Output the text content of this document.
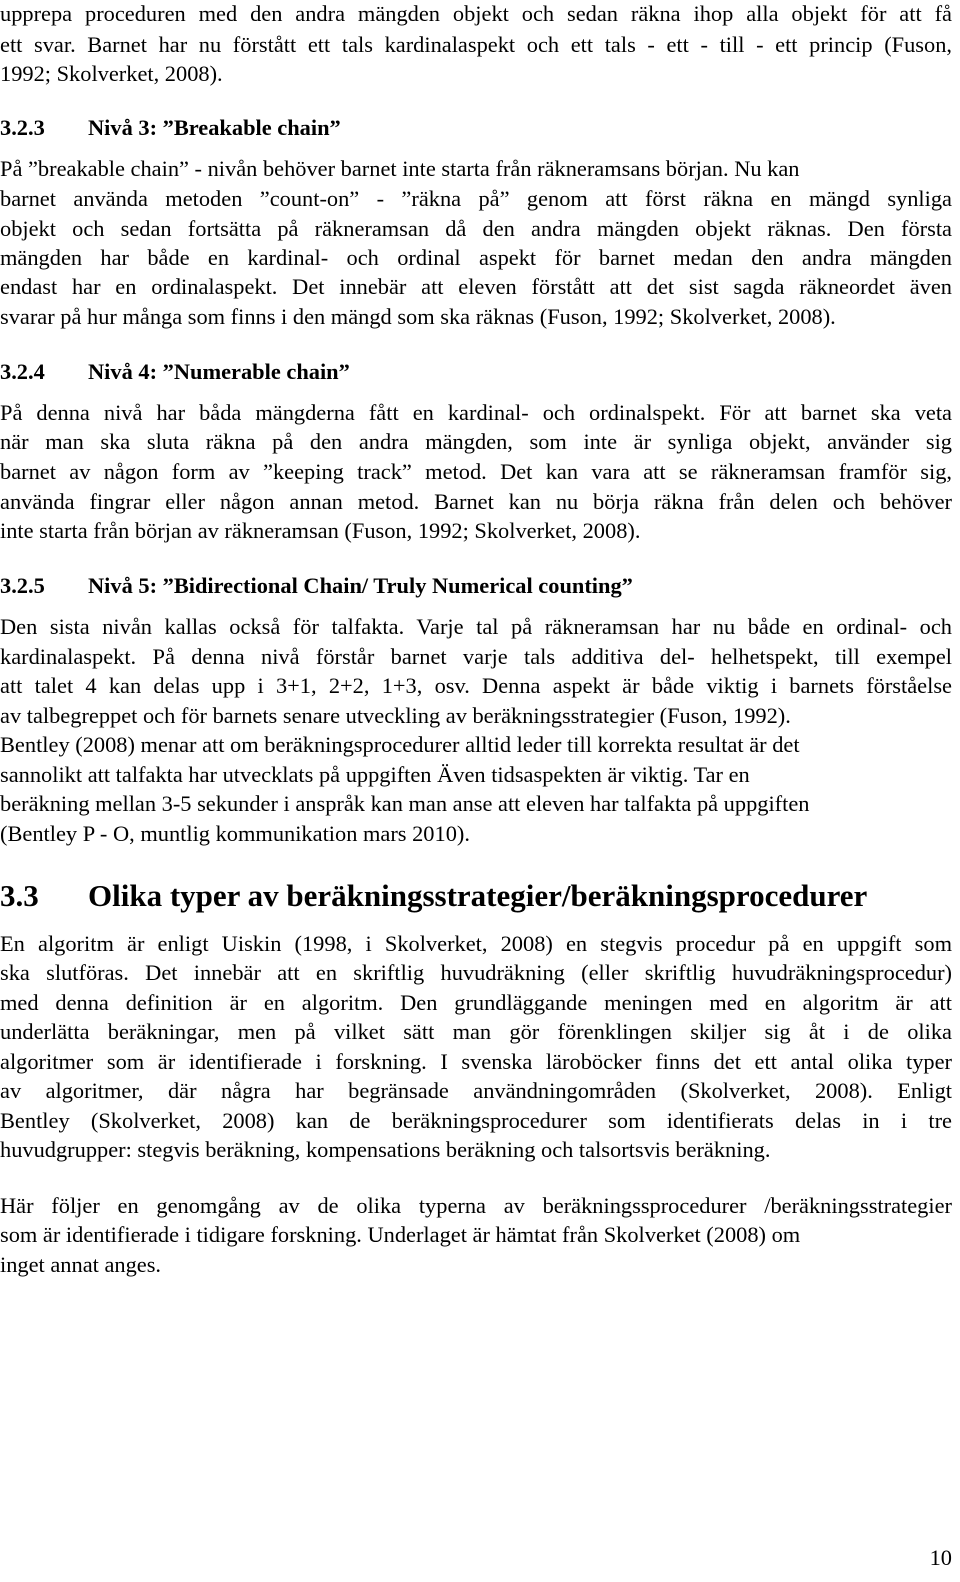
upprepa proceduren med den andra mängden objekt och sedan räkna ihop alla objekt för att få
ett svar. Barnet har nu förstått ett tals kardinalaspekt och ett tals - ett - till - ett princip (Fuson,
1992; Skolverket, 2008).
3.2.3 Nivå 3: ”Breakable chain”
På ”breakable chain” - nivån behöver barnet inte starta från räkneramsans början. Nu kan
barnet använda metoden ”count-on” - ”räkna på” genom att först räkna en mängd synliga
objekt och sedan fortsätta på räkneramsan då den andra mängden objekt räknas. Den första
mängden har både en kardinal- och ordinal aspekt för barnet medan den andra mängden
endast har en ordinalaspekt. Det innebär att eleven förstått att det sist sagda räkneordet även
svarar på hur många som finns i den mängd som ska räknas (Fuson, 1992; Skolverket, 2008).
3.2.4 Nivå 4: ”Numerable chain”
På denna nivå har båda mängderna fått en kardinal- och ordinalspekt. För att barnet ska veta
när man ska sluta räkna på den andra mängden, som inte är synliga objekt, använder sig
barnet av någon form av ”keeping track” metod. Det kan vara att se räkneramsan framför sig,
använda fingrar eller någon annan metod. Barnet kan nu börja räkna från delen och behöver
inte starta från början av räkneramsan (Fuson, 1992; Skolverket, 2008).
3.2.5 Nivå 5: ”Bidirectional Chain/ Truly Numerical counting”
Den sista nivån kallas också för talfakta. Varje tal på räkneramsan har nu både en ordinal- och
kardinalaspekt. På denna nivå förstår barnet varje tals additiva del- helhetspekt, till exempel
att talet 4 kan delas upp i 3+1, 2+2, 1+3, osv. Denna aspekt är både viktig i barnets förståelse
av talbegreppet och för barnets senare utveckling av beräkningsstrategier (Fuson, 1992).
Bentley (2008) menar att om beräkningsprocedurer alltid leder till korrekta resultat är det
sannolikt att talfakta har utvecklats på uppgiften Även tidsaspekten är viktig. Tar en
beräkning mellan 3-5 sekunder i anspråk kan man anse att eleven har talfakta på uppgiften
(Bentley P - O, muntlig kommunikation mars 2010).
3.3 Olika typer av beräkningsstrategier/beräkningsprocedurer
En algoritm är enligt Uiskin (1998, i Skolverket, 2008) en stegvis procedur på en uppgift som
ska slutföras. Det innebär att en skriftlig huvudräkning (eller skriftlig huvudräkningsprocedur)
med denna definition är en algoritm. Den grundläggande meningen med en algoritm är att
underlätta beräkningar, men på vilket sätt man gör förenklingen skiljer sig åt i de olika
algoritmer som är identifierade i forskning. I svenska läroböcker finns det ett antal olika typer
av algoritmer, där några har begränsade användningområden (Skolverket, 2008). Enligt
Bentley (Skolverket, 2008) kan de beräkningsprocedurer som identifierats delas in i tre
huvudgrupper: stegvis beräkning, kompensations beräkning och talsortsvis beräkning.
Här följer en genomgång av de olika typerna av beräkningssprocedurer /beräkningsstrategier
som är identifierade i tidigare forskning. Underlaget är hämtat från Skolverket (2008) om
inget annat anges.
10
